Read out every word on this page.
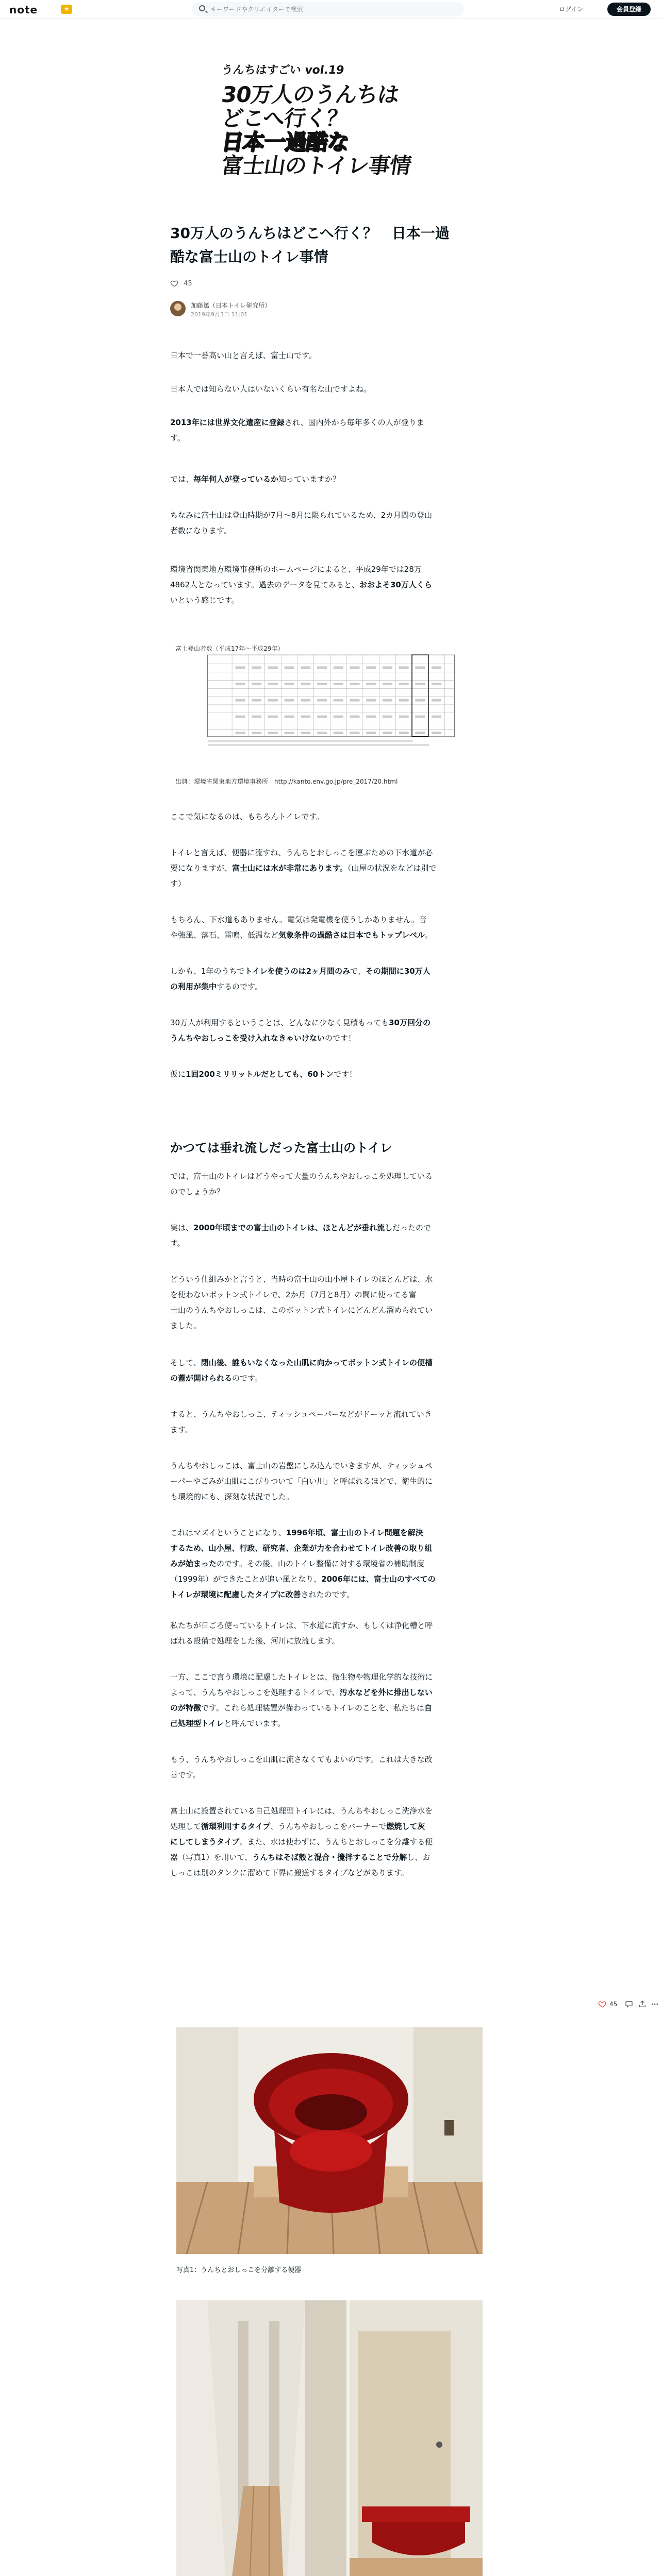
note	★
キーワードやクリエイターで検索	ログイン	会員登録
うんちはすごい vol.19
30万人のうんちは
どこへ行く？
日本一過酷な
富士山のトイレ事情
30万人のうんちはどこへ行く？　日本一過
酷な富士山のトイレ事情
45
加藤篤（日本トイレ研究所）
2019年9月3日 11:01
日本で一番高い山と言えば、富士山です。
日本人では知らない人はいないくらい有名な山ですよね。
2013年には世界文化遺産に登録され、国内外から毎年多くの人が登りま
す。
では、毎年何人が登っているか知っていますか？
ちなみに富士山は登山時期が7月〜8月に限られているため、2カ月間の登山
者数になります。
環境省関東地方環境事務所のホームページによると、平成29年では28万
4862人となっています。過去のデータを見てみると、おおよそ30万人くら
いという感じです。
富士登山者数（平成17年〜平成29年）
出典：環境省関東地方環境事務所　http://kanto.env.go.jp/pre_2017/20.html
ここで気になるのは、もちろんトイレです。
トイレと言えば、便器に流すね、うんちとおしっこを運ぶための下水道が必
要になりますが、富士山には水が非常にあります。（山屋の状況をなどは別で
す）
もちろん、下水道もありません。電気は発電機を使うしかありません。音
や強風、落石、雷鳴、低温など気象条件の過酷さは日本でもトップレベル。
しかも、1年のうちでトイレを使うのは2ヶ月間のみで、その期間に30万人
の利用が集中するのです。
30万人が利用するということは、どんなに少なく見積もっても30万回分の
うんちやおしっこを受け入れなきゃいけないのです！
仮に1回200ミリリットルだとしても、60トンです！
かつては垂れ流しだった富士山のトイレ
では、富士山のトイレはどうやって大量のうんちやおしっこを処理している
のでしょうか？
実は、2000年頃までの富士山のトイレは、ほとんどが垂れ流しだったので
す。
どういう仕組みかと言うと、当時の富士山の山小屋トイレのほとんどは、水
を使わないボットン式トイレで、2か月（7月と8月）の間に使ってる富
士山のうんちやおしっこは、このボットン式トイレにどんどん溜められてい
ました。
そして、閉山後、誰もいなくなった山肌に向かってボットン式トイレの便槽
の蓋が開けられるのです。
すると、うんちやおしっこ、ティッシュペーパーなどがドーッと流れていき
ます。
うんちやおしっこは、富士山の岩盤にしみ込んでいきますが、ティッシュペ
ーパーやごみが山肌にこびりついて「白い川」と呼ばれるほどで、衛生的に
も環境的にも、深刻な状況でした。
これはマズイということになり、1996年頃、富士山のトイレ問題を解決
するため、山小屋、行政、研究者、企業が力を合わせてトイレ改善の取り組
みが始まったのです。その後、山のトイレ整備に対する環境省の補助制度
（1999年）ができたことが追い風となり、2006年には、富士山のすべての
トイレが環境に配慮したタイプに改善されたのです。
私たちが日ごろ使っているトイレは、下水道に流すか、もしくは浄化槽と呼
ばれる設備で処理をした後、河川に放流します。
一方、ここで言う環境に配慮したトイレとは、微生物や物理化学的な技術に
よって、うんちやおしっこを処理するトイレで、汚水などを外に排出しない
のが特徴です。これら処理装置が備わっているトイレのことを、私たちは自
己処理型トイレと呼んでいます。
もう、うんちやおしっこを山肌に流さなくてもよいのです。これは大きな改
善です。
富士山に設置されている自己処理型トイレには、うんちやおしっこ洗浄水を
処理して循環利用するタイプ、うんちやおしっこをバーナーで燃焼して灰
にしてしまうタイプ、また、水は使わずに、うんちとおしっこを分離する便
器（写真1）を用いて、うんちはそば殻と混合・攪拌することで分解し、お
しっこは別のタンクに溜めて下界に搬送するタイプなどがあります。
45
写真1：うんちとおしっこを分離する便器
